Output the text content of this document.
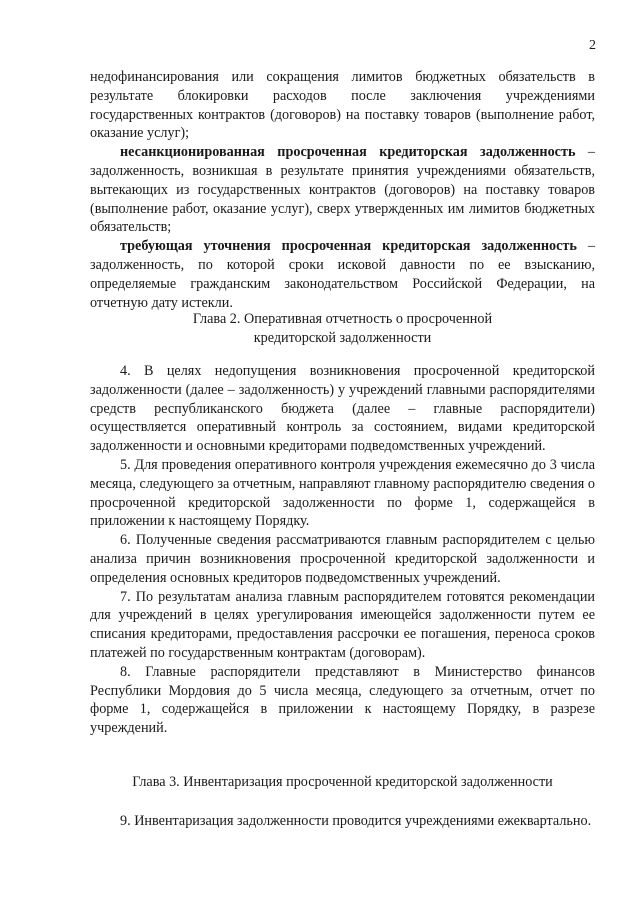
2

недофинансирования или сокращения лимитов бюджетных обязательств в результате блокировки расходов после заключения учреждениями государственных контрактов (договоров) на поставку товаров (выполнение работ, оказание услуг);

несанкционированная просроченная кредиторская задолженность – задолженность, возникшая в результате принятия учреждениями обязательств, вытекающих из государственных контрактов (договоров) на поставку товаров (выполнение работ, оказание услуг), сверх утвержденных им лимитов бюджетных обязательств;

требующая уточнения просроченная кредиторская задолженность – задолженность, по которой сроки исковой давности по ее взысканию, определяемые гражданским законодательством Российской Федерации, на отчетную дату истекли.

Глава 2. Оперативная отчетность о просроченной

кредиторской задолженности

4. В целях недопущения возникновения просроченной кредиторской задолженности (далее – задолженность) у учреждений главными распорядителями средств республиканского бюджета (далее – главные распорядители) осуществляется оперативный контроль за состоянием, видами кредиторской задолженности и основными кредиторами подведомственных учреждений.

5. Для проведения оперативного контроля учреждения ежемесячно до 3 числа месяца, следующего за отчетным, направляют главному распорядителю сведения о просроченной кредиторской задолженности по форме 1, содержащейся в приложении к настоящему Порядку.

6. Полученные сведения рассматриваются главным распорядителем с целью анализа причин возникновения просроченной кредиторской задолженности и определения основных кредиторов подведомственных учреждений.

7. По результатам анализа главным распорядителем готовятся рекомендации для учреждений в целях урегулирования имеющейся задолженности путем ее списания кредиторами, предоставления рассрочки ее погашения, переноса сроков платежей по государственным контрактам (договорам).

8. Главные распорядители представляют в Министерство финансов Республики Мордовия до 5 числа месяца, следующего за отчетным, отчет по форме 1, содержащейся в приложении к настоящему Порядку, в разрезе учреждений.

Глава 3. Инвентаризация просроченной кредиторской задолженности

9. Инвентаризация задолженности проводится учреждениями ежеквартально.
